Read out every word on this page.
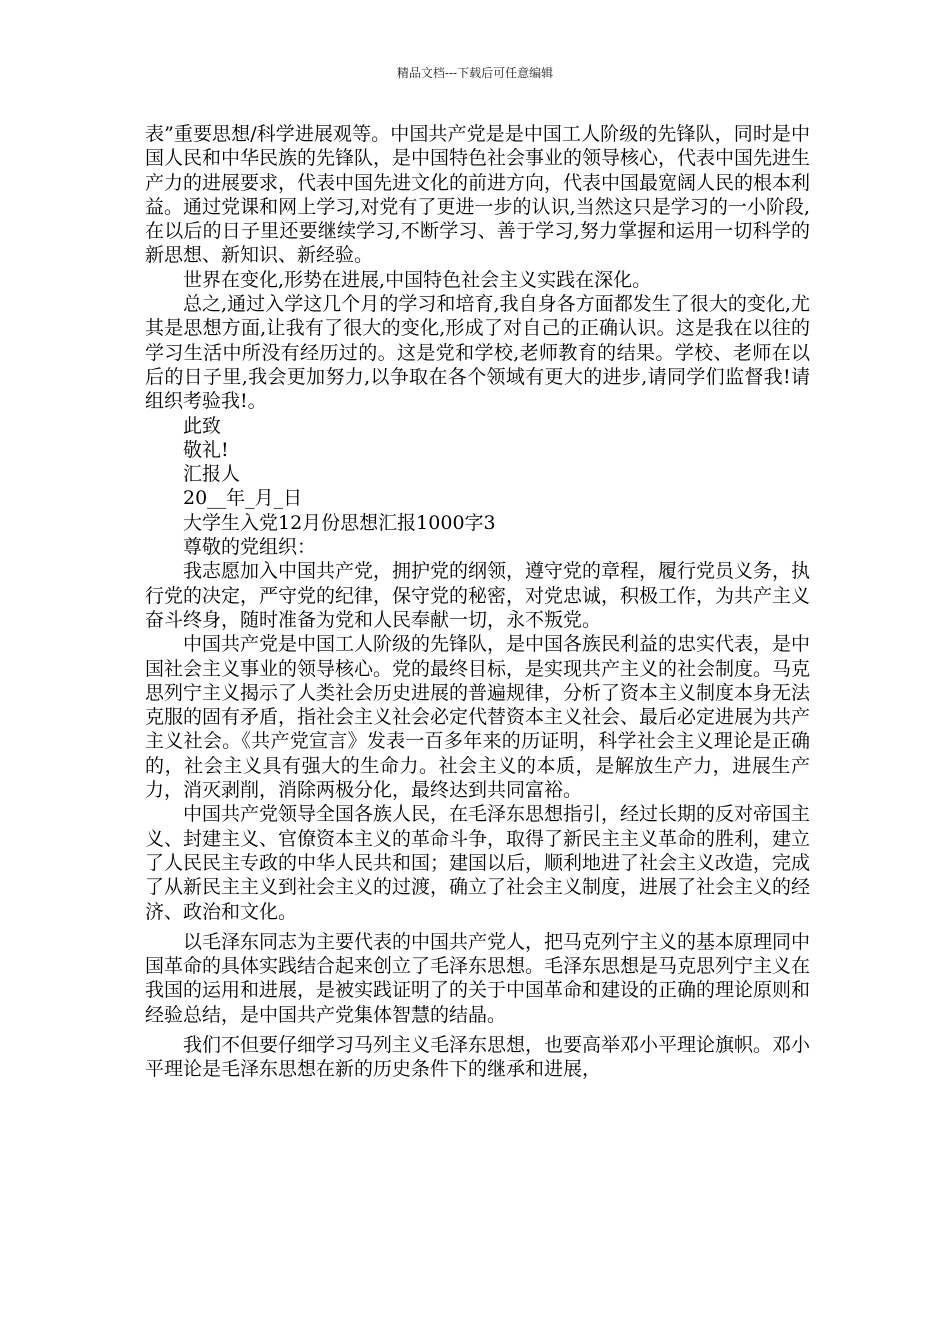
精品文档---下载后可任意编辑

表”重要思想/科学进展观等。中国共产党是是中国工人阶级的先锋队，同时是中国人民和中华民族的先锋队，是中国特色社会事业的领导核心，代表中国先进生产力的进展要求，代表中国先进文化的前进方向，代表中国最宽阔人民的根本利益。通过党课和网上学习,对党有了更进一步的认识,当然这只是学习的一小阶段,在以后的日子里还要继续学习,不断学习、善于学习,努力掌握和运用一切科学的新思想、新知识、新经验。

世界在变化,形势在进展,中国特色社会主义实践在深化。

总之,通过入学这几个月的学习和培育,我自身各方面都发生了很大的变化,尤其是思想方面,让我有了很大的变化,形成了对自己的正确认识。这是我在以往的学习生活中所没有经历过的。这是党和学校,老师教育的结果。学校、老师在以后的日子里,我会更加努力,以争取在各个领域有更大的进步,请同学们监督我!请组织考验我!。

此致

敬礼!

汇报人

20__年_月_日

大学生入党12月份思想汇报1000字3

尊敬的党组织：

我志愿加入中国共产党，拥护党的纲领，遵守党的章程，履行党员义务，执行党的决定，严守党的纪律，保守党的秘密，对党忠诚，积极工作，为共产主义奋斗终身，随时准备为党和人民奉献一切，永不叛党。

中国共产党是中国工人阶级的先锋队，是中国各族民利益的忠实代表，是中国社会主义事业的领导核心。党的最终目标，是实现共产主义的社会制度。马克思列宁主义揭示了人类社会历史进展的普遍规律，分析了资本主义制度本身无法克服的固有矛盾，指社会主义社会必定代替资本主义社会、最后必定进展为共产主义社会。《共产党宣言》发表一百多年来的历证明，科学社会主义理论是正确的，社会主义具有强大的生命力。社会主义的本质，是解放生产力，进展生产力，消灭剥削，消除两极分化，最终达到共同富裕。

中国共产党领导全国各族人民，在毛泽东思想指引，经过长期的反对帝国主义、封建主义、官僚资本主义的革命斗争，取得了新民主主义革命的胜利，建立了人民民主专政的中华人民共和国；建国以后，顺利地进了社会主义改造，完成了从新民主主义到社会主义的过渡，确立了社会主义制度，进展了社会主义的经济、政治和文化。

以毛泽东同志为主要代表的中国共产党人，把马克列宁主义的基本原理同中国革命的具体实践结合起来创立了毛泽东思想。毛泽东思想是马克思列宁主义在我国的运用和进展，是被实践证明了的关于中国革命和建设的正确的理论原则和经验总结，是中国共产党集体智慧的结晶。

我们不但要仔细学习马列主义毛泽东思想，也要高举邓小平理论旗帜。邓小平理论是毛泽东思想在新的历史条件下的继承和进展，
